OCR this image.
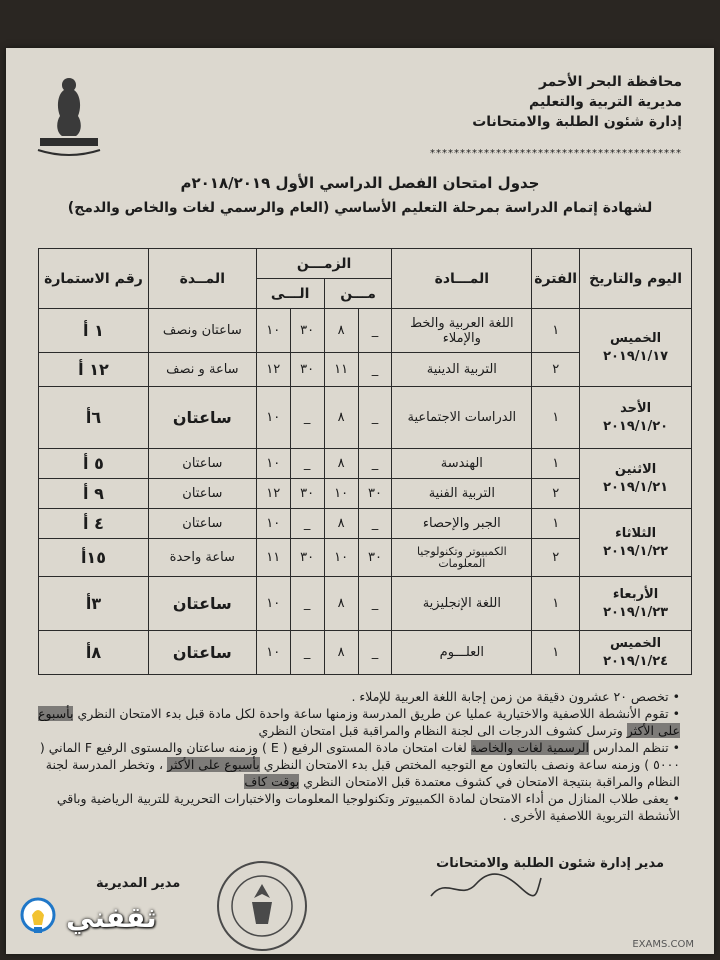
محافظة البحر الأحمر
مديرية التربية والتعليم
إدارة شئون الطلبة والامتحانات
******************************************
جدول امتحان الفصل الدراسي الأول ٢٠١٨/٢٠١٩م
لشهادة إتمام الدراسة بمرحلة التعليم الأساسي (العام والرسمي لغات والخاص والدمج)
اليوم والتاريخ	الفترة	المـــادة	الزمـــن				المــدة	رقم الاستمارة
			مـــن		الـــى			

الخميس
٢٠١٩/١/١٧	١	اللغة العربية والخط والإملاء	_	٨	٣٠	١٠	ساعتان ونصف	١ أ
	٢	التربية الدينية	_	١١	٣٠	١٢	ساعة و نصف	١٢ أ

الأحد
٢٠١٩/١/٢٠	١	الدراسات الاجتماعية	_	٨	_	١٠	ساعتان	٦أ

الاثنين
٢٠١٩/١/٢١	١	الهندسة	_	٨	_	١٠	ساعتان	٥ أ
	٢	التربية الفنية	٣٠	١٠	٣٠	١٢	ساعتان	٩ أ

الثلاثاء
٢٠١٩/١/٢٢	١	الجبر والإحصاء	_	٨	_	١٠	ساعتان	٤ أ
	٢	الكمبيوتر وتكنولوجيا المعلومات	٣٠	١٠	٣٠	١١	ساعة واحدة	١٥أ

الأربعاء
٢٠١٩/١/٢٣	١	اللغة الإنجليزية	_	٨	_	١٠	ساعتان	٣أ

الخميس
٢٠١٩/١/٢٤	١	العلـــوم	_	٨	_	١٠	ساعتان	٨أ

• تخصص ٢٠ عشرون دقيقة من زمن إجابة اللغة العربية للإملاء .

• تقوم الأنشطة اللاصفية والاختيارية عمليا عن طريق المدرسة وزمنها ساعة واحدة لكل مادة قبل بدء الامتحان النظري بأسبوع على الأكثر وترسل كشوف الدرجات الى لجنة النظام والمراقبة قبل امتحان النظري

• تنظم المدارس الرسمية لغات والخاصة لغات امتحان مادة المستوى الرفيع ( E ) وزمنه ساعتان والمستوى الرفيع F الماني ( ٥٠٠٠ ) وزمنه ساعة ونصف بالتعاون مع التوجيه المختص قبل بدء الامتحان النظري بأسبوع على الأكثر ، وتخطر المدرسة لجنة النظام والمراقبة بنتيجة الامتحان في كشوف معتمدة قبل الامتحان النظري بوقت كاف

• يعفى طلاب المنازل من أداء الامتحان لمادة الكمبيوتر وتكنولوجيا المعلومات والاختبارات التحريرية للتربية الرياضية وباقي الأنشطة التربوية اللاصفية الأخرى .

مدير إدارة شئون الطلبة والامتحانات
مدير المديرية
EXAMS.COM
ثقفني
